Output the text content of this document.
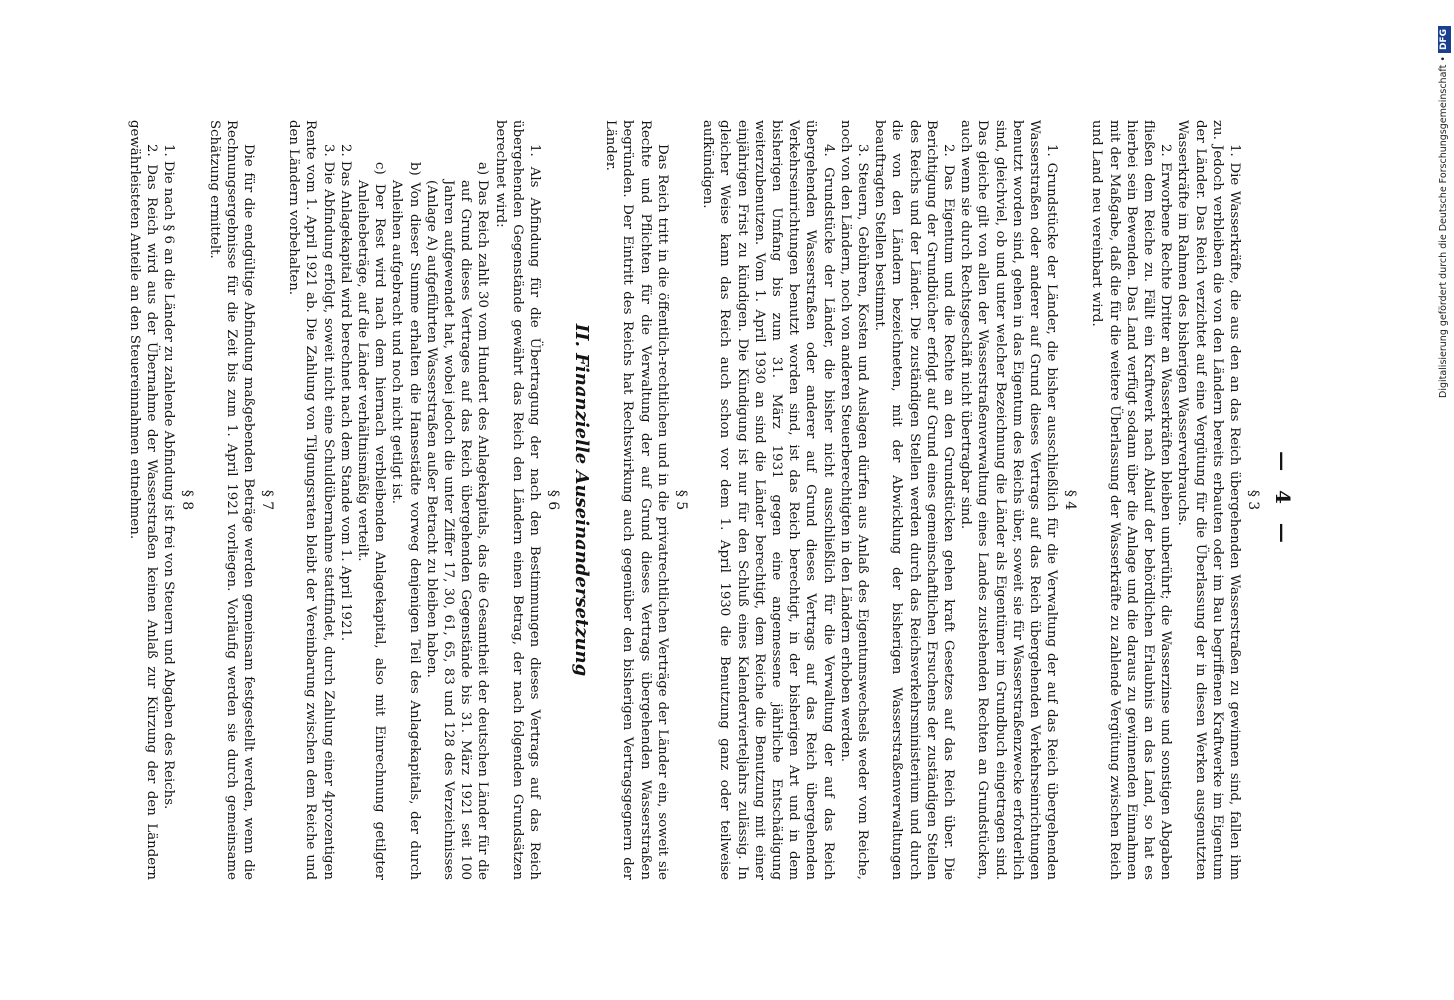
— 4 —
§ 3

1. Die Wasserkräfte, die aus den an das Reich übergehenden Wasserstraßen zu gewinnen sind, fallen ihm zu. Jedoch verbleiben die von den Ländern bereits erbauten oder im Bau begriffenen Kraftwerke im Eigentum der Länder. Das Reich verzichtet auf eine Vergütung für die Überlassung der in diesen Werken ausgenutzten Wasserkräfte im Rahmen des bisherigen Wasserverbrauchs.

2. Erworbene Rechte Dritter an Wasserkräften bleiben unberührt; die Wasserzinse und sonstigen Abgaben fließen dem Reiche zu. Fällt ein Kraftwerk nach Ablauf der behördlichen Erlaubnis an das Land, so hat es hierbei sein Bewenden. Das Land verfügt sodann über die Anlage und die daraus zu gewinnenden Einnahmen mit der Maßgabe, daß die für die weitere Überlassung der Wasserkräfte zu zahlende Vergütung zwischen Reich und Land neu vereinbart wird.

§ 4

1. Grundstücke der Länder, die bisher ausschließlich für die Verwaltung der auf das Reich übergehenden Wasserstraßen oder anderer auf Grund dieses Vertrags auf das Reich übergehenden Verkehrseinrichtungen benutzt worden sind, gehen in das Eigentum des Reichs über, soweit sie für Wasserstraßenzwecke erforderlich sind, gleichviel, ob und unter welcher Bezeichnung die Länder als Eigentümer im Grundbuch eingetragen sind. Das gleiche gilt von allen der Wasserstraßenverwaltung eines Landes zustehenden Rechten an Grundstücken, auch wenn sie durch Rechtsgeschäft nicht übertragbar sind.

2. Das Eigentum und die Rechte an den Grundstücken gehen kraft Gesetzes auf das Reich über. Die Berichtigung der Grundbücher erfolgt auf Grund eines gemeinschaftlichen Ersuchens der zuständigen Stellen des Reichs und der Länder. Die zuständigen Stellen werden durch das Reichsverkehrsministerium und durch die von den Ländern bezeichneten, mit der Abwicklung der bisherigen Wasserstraßenverwaltungen beauftragten Stellen bestimmt.

3. Steuern, Gebühren, Kosten und Auslagen dürfen aus Anlaß des Eigentumswechsels weder vom Reiche, noch von den Ländern, noch von anderen Steuerberechtigten in den Ländern erhoben werden.

4. Grundstücke der Länder, die bisher nicht ausschließlich für die Verwaltung der auf das Reich übergehenden Wasserstraßen oder anderer auf Grund dieses Vertrags auf das Reich übergehenden Verkehrseinrichtungen benutzt worden sind, ist das Reich berechtigt, in der bisherigen Art und in dem bisherigen Umfang bis zum 31. März 1931 gegen eine angemessene jährliche Entschädigung weiterzubenutzen. Vom 1. April 1930 an sind die Länder berechtigt, dem Reiche die Benutzung mit einer einjährigen Frist zu kündigen. Die Kündigung ist nur für den Schluß eines Kalendervierteljahrs zulässig. In gleicher Weise kann das Reich auch schon vor dem 1. April 1930 die Benutzung ganz oder teilweise aufkündigen.

§ 5

Das Reich tritt in die öffentlich-rechtlichen und in die privatrechtlichen Verträge der Länder ein, soweit sie Rechte und Pflichten für die Verwaltung der auf Grund dieses Vertrags übergehenden Wasserstraßen begründen. Der Eintritt des Reichs hat Rechtswirkung auch gegenüber den bisherigen Vertragsgegnern der Länder.

II. Finanzielle Auseinandersetzung
§ 6

1. Als Abfindung für die Übertragung der nach den Bestimmungen dieses Vertrags auf das Reich übergehenden Gegenstände gewährt das Reich den Ländern einen Betrag, der nach folgenden Grundsätzen berechnet wird:

a) Das Reich zahlt 30 vom Hundert des Anlagekapitals, das die Gesamtheit der deutschen Länder für die auf Grund dieses Vertrages auf das Reich übergehenden Gegenstände bis 31. März 1921 seit 100 Jahren aufgewendet hat, wobei jedoch die unter Ziffer 17, 30, 61, 65, 83 und 128 des Verzeichnisses (Anlage A) aufgeführten Wasserstraßen außer Betracht zu bleiben haben.

b) Von dieser Summe erhalten die Hansestädte vorweg denjenigen Teil des Anlagekapitals, der durch Anleihen aufgebracht und noch nicht getilgt ist.

c) Der Rest wird nach dem hiernach verbleibenden Anlagekapital, also mit Einrechnung getilgter Anleihebeträge, auf die Länder verhältnismäßig verteilt.

2. Das Anlagekapital wird berechnet nach dem Stande vom 1. April 1921.

3. Die Abfindung erfolgt, soweit nicht eine Schuldübernahme stattfindet, durch Zahlung einer 4prozentigen Rente vom 1. April 1921 ab. Die Zahlung von Tilgungsraten bleibt der Vereinbarung zwischen dem Reiche und den Ländern vorbehalten.

§ 7

Die für die endgültige Abfindung maßgebenden Beträge werden gemeinsam festgestellt werden, wenn die Rechnungsergebnisse für die Zeit bis zum 1. April 1921 vorliegen. Vorläufig werden sie durch gemeinsame Schätzung ermittelt.

§ 8

1. Die nach § 6 an die Länder zu zahlende Abfindung ist frei von Steuern und Abgaben des Reichs.

2. Das Reich wird aus der Übernahme der Wasserstraßen keinen Anlaß zur Kürzung der den Ländern gewährleisteten Anteile an den Steuereinnahmen entnehmen.	Digitalisierung gefördert durch die Deutsche Forschungsgemeinschaft • DFG
